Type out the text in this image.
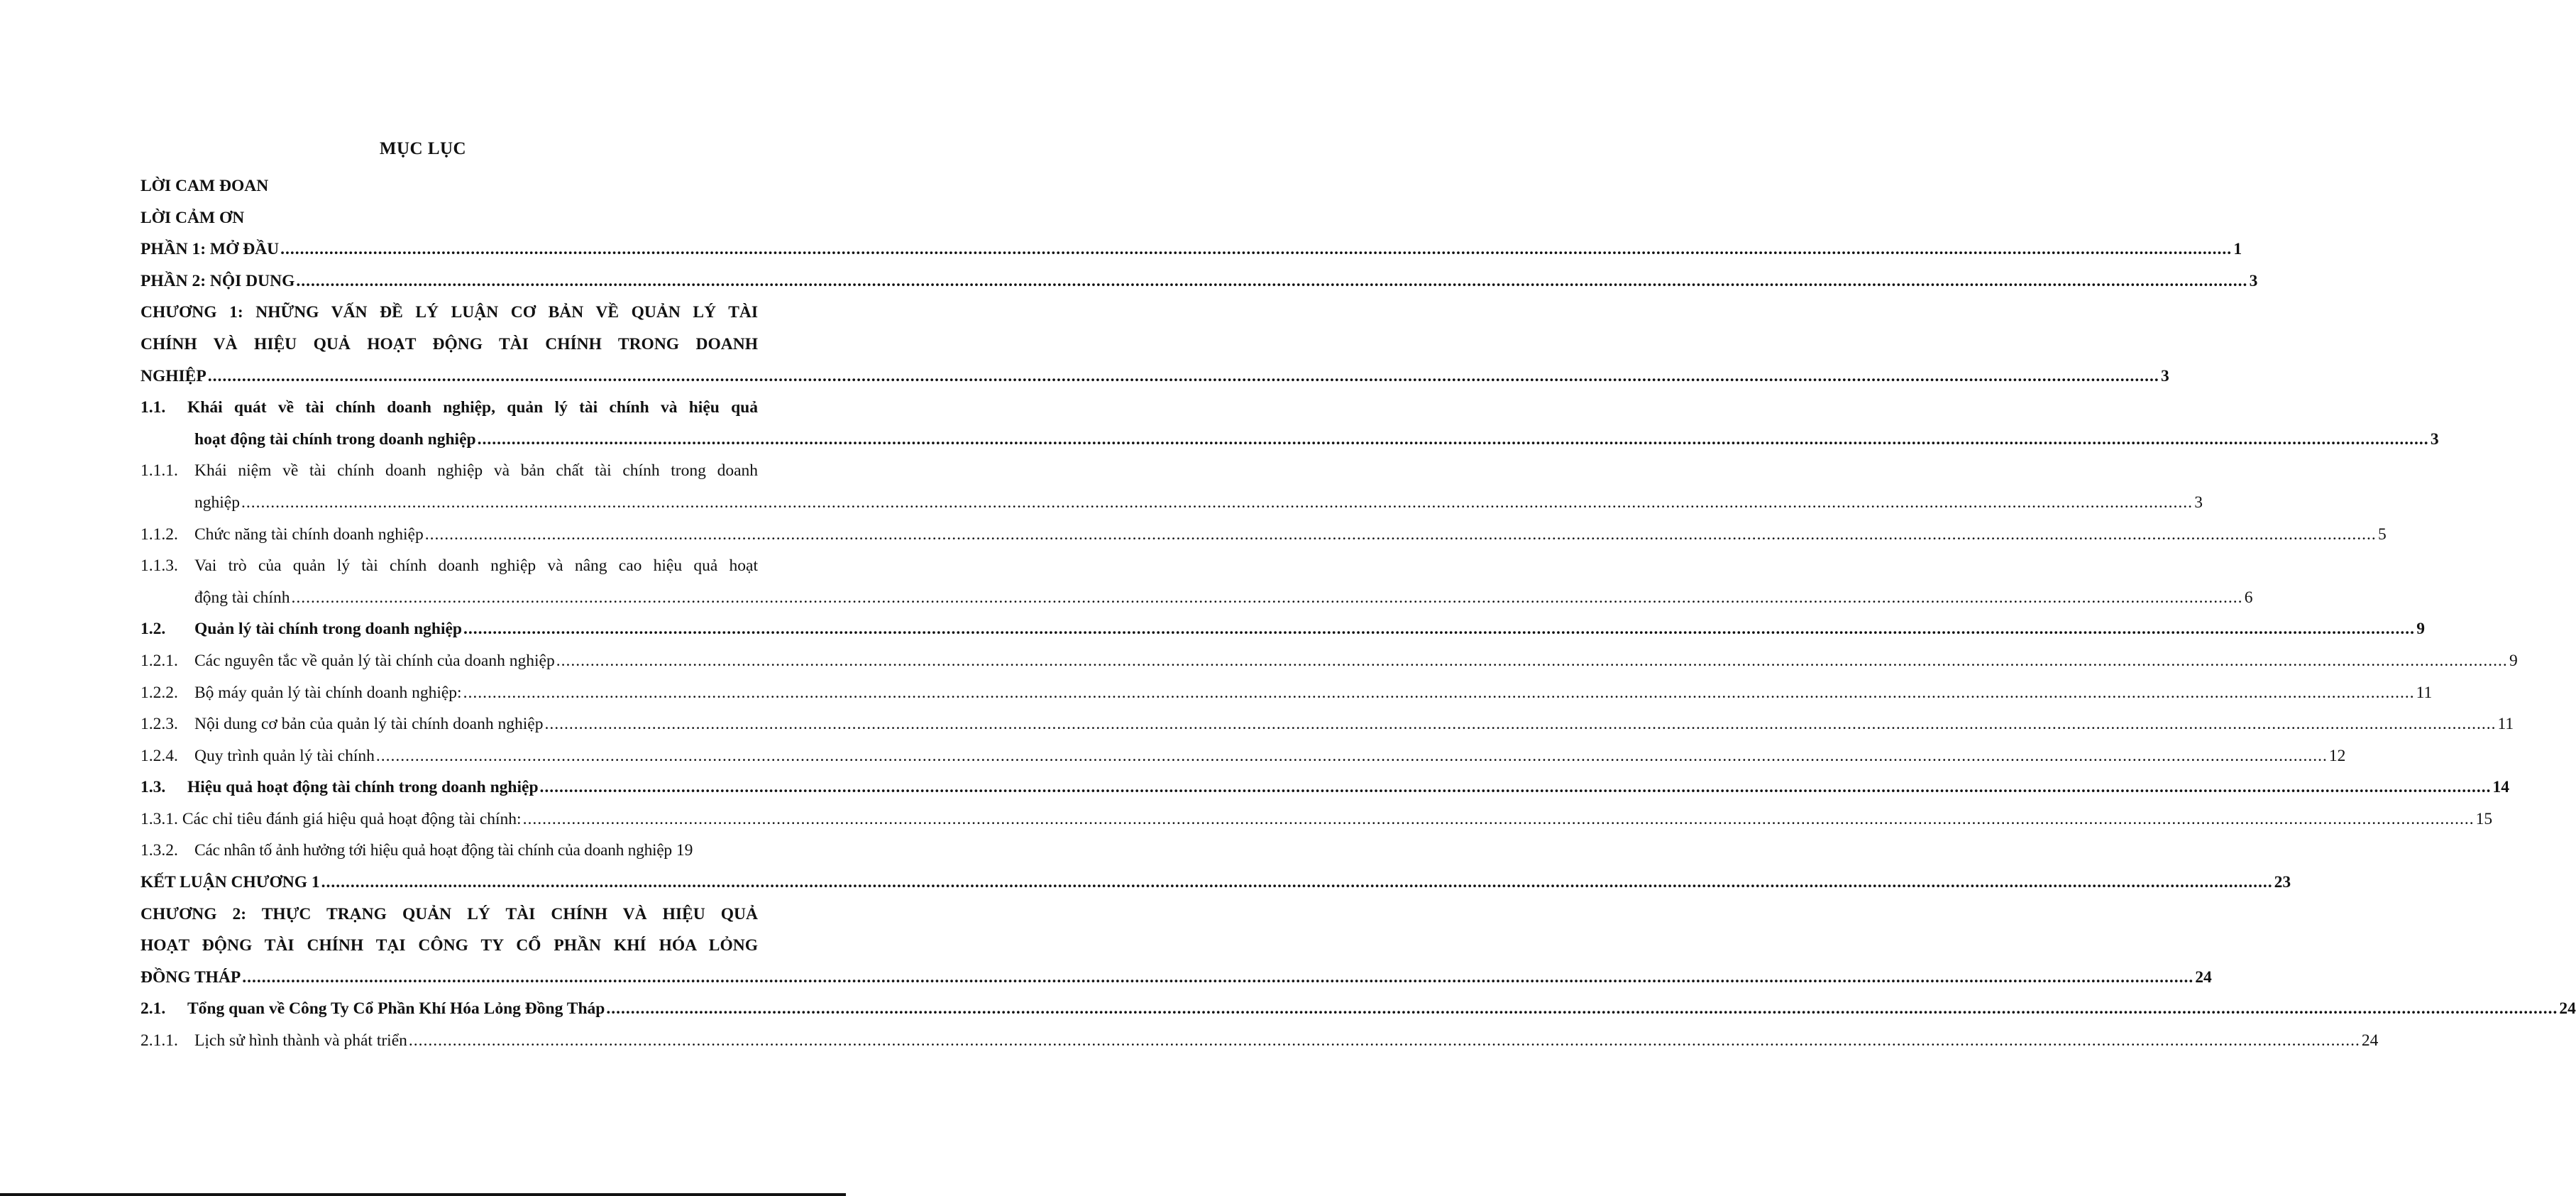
MỤC LỤC
LỜI CAM ĐOAN
LỜI CẢM ƠN
PHẦN 1: MỞ ĐẦU ................................................................................................................................................................................................................................................................................................................................................................................................................ 1
PHẦN 2: NỘI DUNG ................................................................................................................................................................................................................................................................................................................................................................................................................ 3
CHƯƠNG 1: NHỮNG VẤN ĐỀ LÝ LUẬN CƠ BẢN VỀ QUẢN LÝ TÀI
CHÍNH VÀ HIỆU QUẢ HOẠT ĐỘNG TÀI CHÍNH TRONG DOANH
NGHIỆP ................................................................................................................................................................................................................................................................................................................................................................................................................ 3
1.1.	Khái quát về tài chính doanh nghiệp, quản lý tài chính và hiệu quả
hoạt động tài chính trong doanh nghiệp ................................................................................................................................................................................................................................................................................................................................................................................................................ 3
1.1.1. Khái niệm về tài chính doanh nghiệp và bản chất tài chính trong doanh
nghiệp ................................................................................................................................................................................................................................................................................................................................................................................................................ 3
1.1.2. Chức năng tài chính doanh nghiệp ................................................................................................................................................................................................................................................................................................................................................................................................................ 5
1.1.3. Vai trò của quản lý tài chính doanh nghiệp và nâng cao hiệu quả hoạt
động tài chính ................................................................................................................................................................................................................................................................................................................................................................................................................ 6
1.2.	Quản lý tài chính trong doanh nghiệp ................................................................................................................................................................................................................................................................................................................................................................................................................ 9
1.2.1. Các nguyên tắc về quản lý tài chính của doanh nghiệp ................................................................................................................................................................................................................................................................................................................................................................................................................ 9
1.2.2. Bộ máy quản lý tài chính doanh nghiệp: ................................................................................................................................................................................................................................................................................................................................................................................................................ 11
1.2.3. Nội dung cơ bản của quản lý tài chính doanh nghiệp ................................................................................................................................................................................................................................................................................................................................................................................................................ 11
1.2.4. Quy trình quản lý tài chính ................................................................................................................................................................................................................................................................................................................................................................................................................ 12
1.3.	Hiệu quả hoạt động tài chính trong doanh nghiệp ................................................................................................................................................................................................................................................................................................................................................................................................................ 14
1.3.1. Các chỉ tiêu đánh giá hiệu quả hoạt động tài chính: ................................................................................................................................................................................................................................................................................................................................................................................................................ 15
1.3.2. Các nhân tố ảnh hưởng tới hiệu quả hoạt động tài chính của doanh nghiệp 19
KẾT LUẬN CHƯƠNG 1 ................................................................................................................................................................................................................................................................................................................................................................................................................ 23
CHƯƠNG 2: THỰC TRẠNG QUẢN LÝ TÀI CHÍNH VÀ HIỆU QUẢ
HOẠT ĐỘNG TÀI CHÍNH TẠI CÔNG TY CỔ PHẦN KHÍ HÓA LỎNG
ĐỒNG THÁP ................................................................................................................................................................................................................................................................................................................................................................................................................ 24
2.1.	Tổng quan về Công Ty Cổ Phần Khí Hóa Lỏng Đồng Tháp ................................................................................................................................................................................................................................................................................................................................................................................................................ 24
2.1.1. Lịch sử hình thành và phát triển ................................................................................................................................................................................................................................................................................................................................................................................................................ 24
